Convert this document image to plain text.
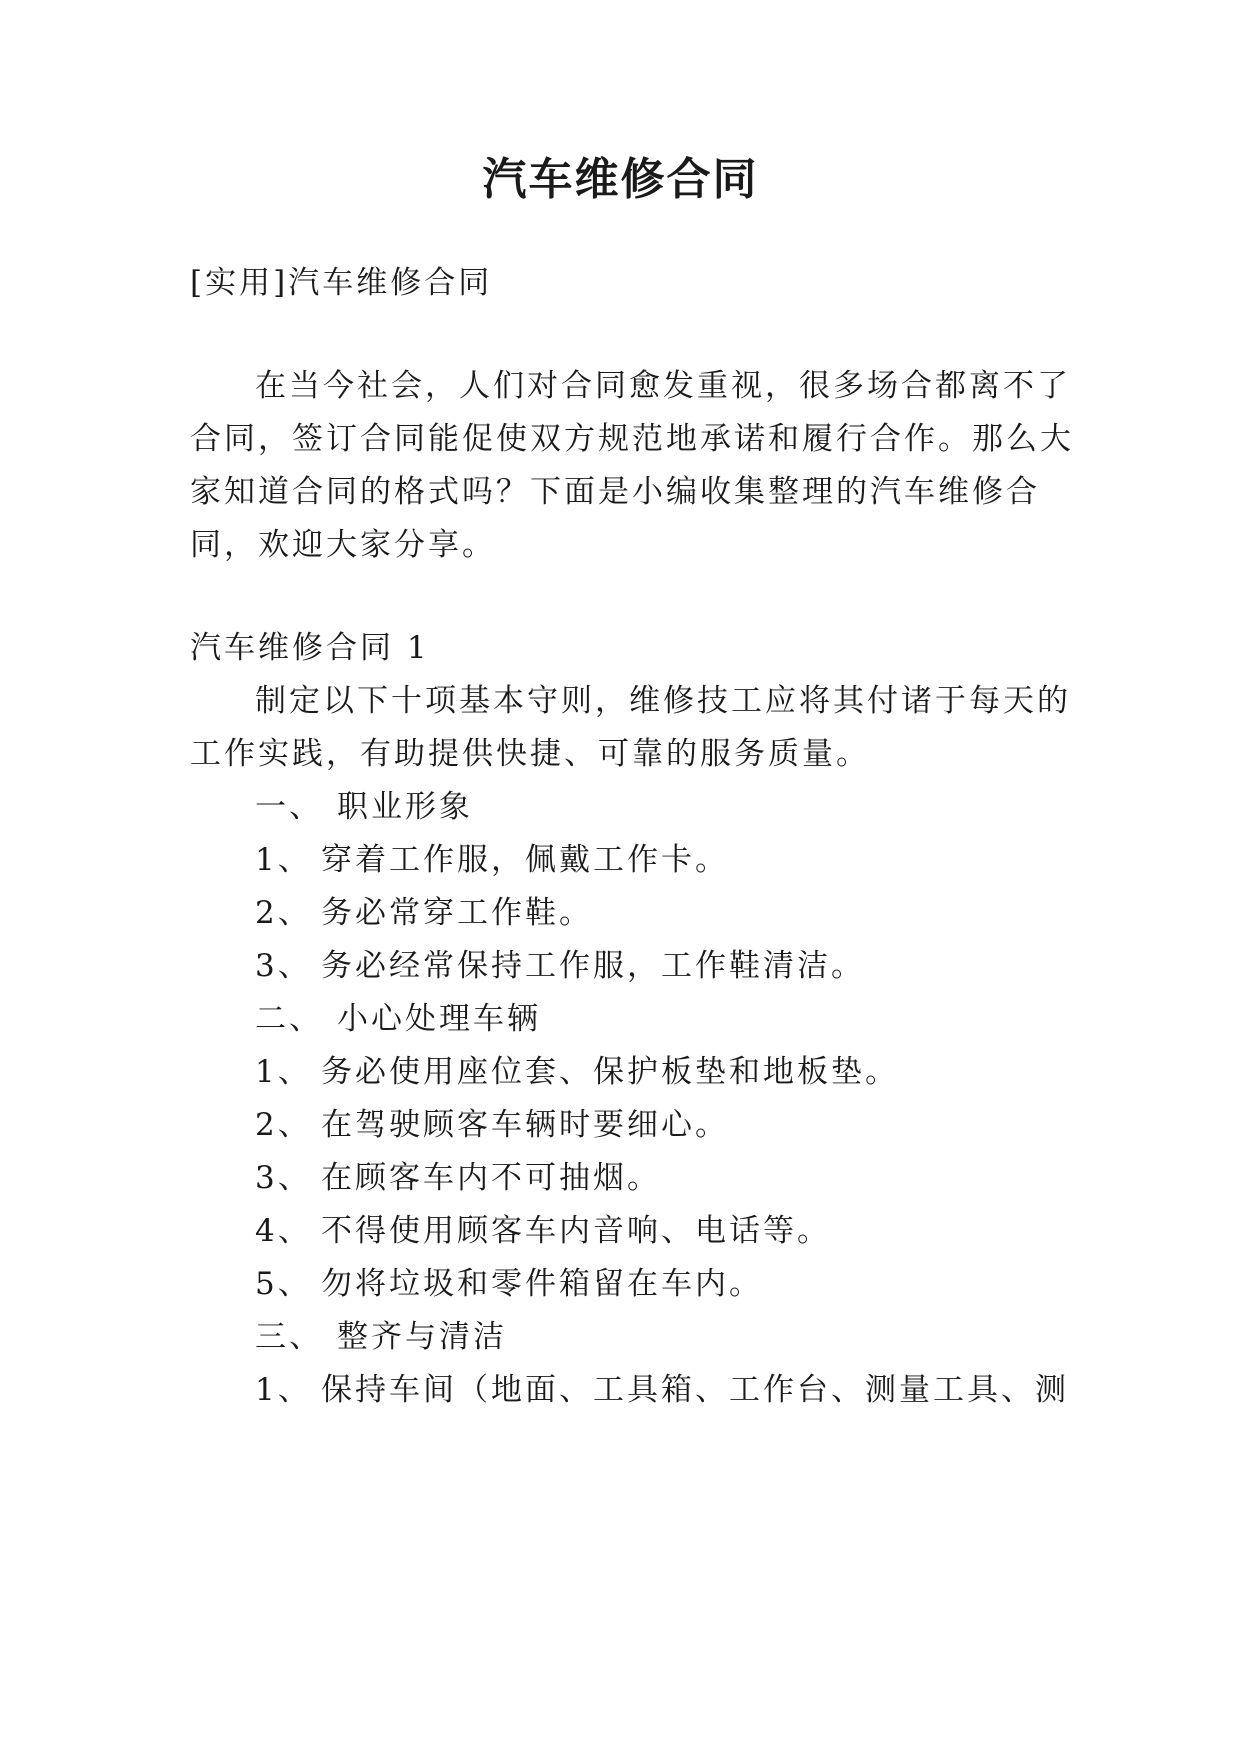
汽车维修合同
[实用]汽车维修合同
在当今社会，人们对合同愈发重视，很多场合都离不了
合同，签订合同能促使双方规范地承诺和履行合作。那么大
家知道合同的格式吗？下面是小编收集整理的汽车维修合
同，欢迎大家分享。
汽车维修合同 1
制定以下十项基本守则，维修技工应将其付诸于每天的
工作实践，有助提供快捷、可靠的服务质量。
一、 职业形象
1、 穿着工作服，佩戴工作卡。
2、 务必常穿工作鞋。
3、 务必经常保持工作服，工作鞋清洁。
二、 小心处理车辆
1、 务必使用座位套、保护板垫和地板垫。
2、 在驾驶顾客车辆时要细心。
3、 在顾客车内不可抽烟。
4、 不得使用顾客车内音响、电话等。
5、 勿将垃圾和零件箱留在车内。
三、 整齐与清洁
1、 保持车间（地面、工具箱、工作台、测量工具、测
